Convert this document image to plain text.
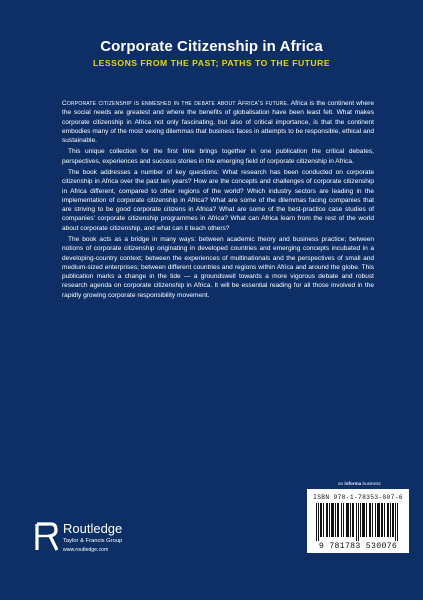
Corporate Citizenship in Africa
LESSONS FROM THE PAST; PATHS TO THE FUTURE

Corporate citizenship is enmeshed in the debate about Africa’s future. Africa is the continent where the social needs are greatest and where the benefits of globalisation have been least felt. What makes corporate citizenship in Africa not only fascinating, but also of critical importance, is that the continent embodies many of the most vexing dilemmas that business faces in attempts to be responsible, ethical and sustainable.

This unique collection for the first time brings together in one publication the critical debates, perspectives, experiences and success stories in the emerging field of corporate citizenship in Africa.

The book addresses a number of key questions: What research has been conducted on corporate citizenship in Africa over the past ten years? How are the concepts and challenges of corporate citizenship in Africa different, compared to other regions of the world? Which industry sectors are leading in the implementation of corporate citizenship in Africa? What are some of the dilemmas facing companies that are striving to be good corporate citizens in Africa? What are some of the best-practice case studies of companies’ corporate citizenship programmes in Africa? What can Africa learn from the rest of the world about corporate citizenship, and what can it teach others?

The book acts as a bridge in many ways: between academic theory and business practice; between notions of corporate citizenship originating in developed countries and emerging concepts incubated in a developing-country context; between the experiences of multinationals and the perspectives of small and medium-sized enterprises; between different countries and regions within Africa and around the globe. This publication marks a change in the tide — a groundswell towards a more vigorous debate and robust research agenda on corporate citizenship in Africa. It will be essential reading for all those involved in the rapidly growing corporate responsibility movement.

an informa business
Routledge
Taylor & Francis Group
www.routledge.com
ISBN 978-1-78353-007-6
9 781783 530076
